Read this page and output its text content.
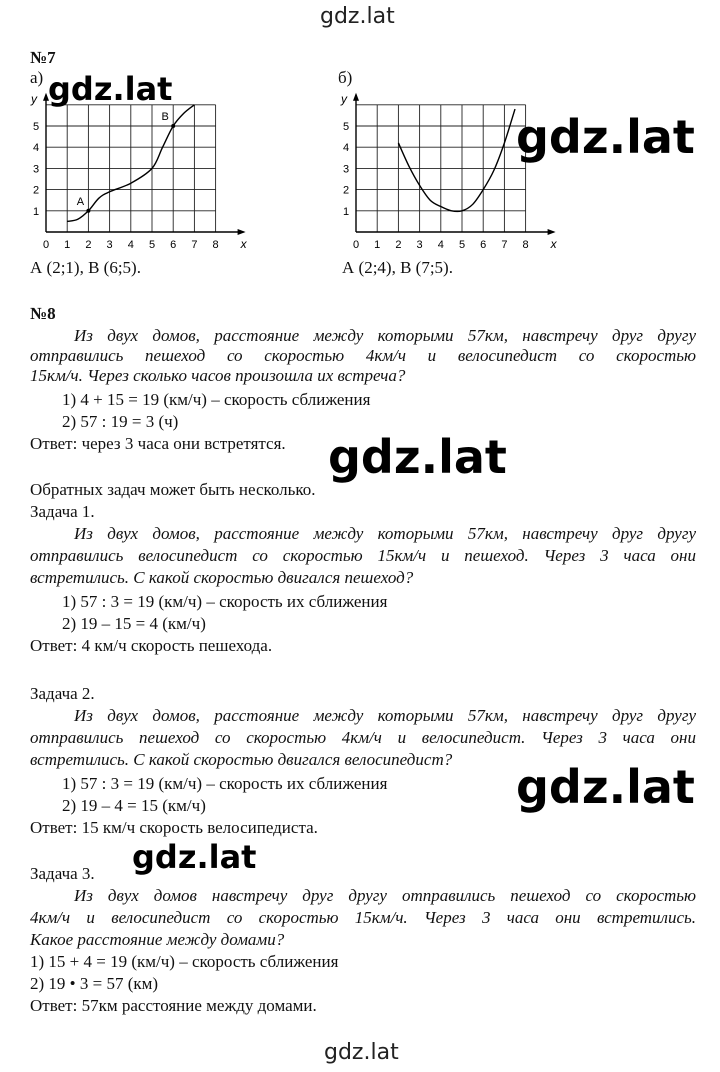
gdz.lat
№7
а)	б)
0 1 2 3 4 5 6 7 8
1
2
3
4
5
y
x
A
B
0 1 2 3 4 5 6 7 8
1
2
3
4
5
y
x
gdz.lat
gdz.lat
А (2;1), В (6;5).	А (2;4), В (7;5).
№8
Из двух домов, расстояние между которыми 57км, навстречу друг другу
отправились пешеход со скоростью 4км/ч и велосипедист со скоростью
15км/ч. Через сколько часов произошла их встреча?
1) 4 + 15 = 19 (км/ч) – скорость сближения
2) 57 : 19 = 3 (ч)
Ответ: через 3 часа они встретятся. gdz.lat
Обратных задач может быть несколько.
Задача 1.
Из двух домов, расстояние между которыми 57км, навстречу друг другу
отправились велосипедист со скоростью 15км/ч и пешеход. Через 3 часа они
встретились. С какой скоростью двигался пешеход?
1) 57 : 3 = 19 (км/ч) – скорость их сближения
2) 19 – 15 = 4 (км/ч)
Ответ: 4 км/ч скорость пешехода.
Задача 2.
Из двух домов, расстояние между которыми 57км, навстречу друг другу
отправились пешеход со скоростью 4км/ч и велосипедист. Через 3 часа они
встретились. С какой скоростью двигался велосипедист?
1) 57 : 3 = 19 (км/ч) – скорость их сближения
2) 19 – 4 = 15 (км/ч)
Ответ: 15 км/ч скорость велосипедиста.
gdz.lat
gdz.lat
Задача 3.
Из двух домов навстречу друг другу отправились пешеход со скоростью
4км/ч и велосипедист со скоростью 15км/ч. Через 3 часа они встретились.
Какое расстояние между домами?
1) 15 + 4 = 19 (км/ч) – скорость сближения
2) 19 • 3 = 57 (км)
Ответ: 57км расстояние между домами.
gdz.lat
